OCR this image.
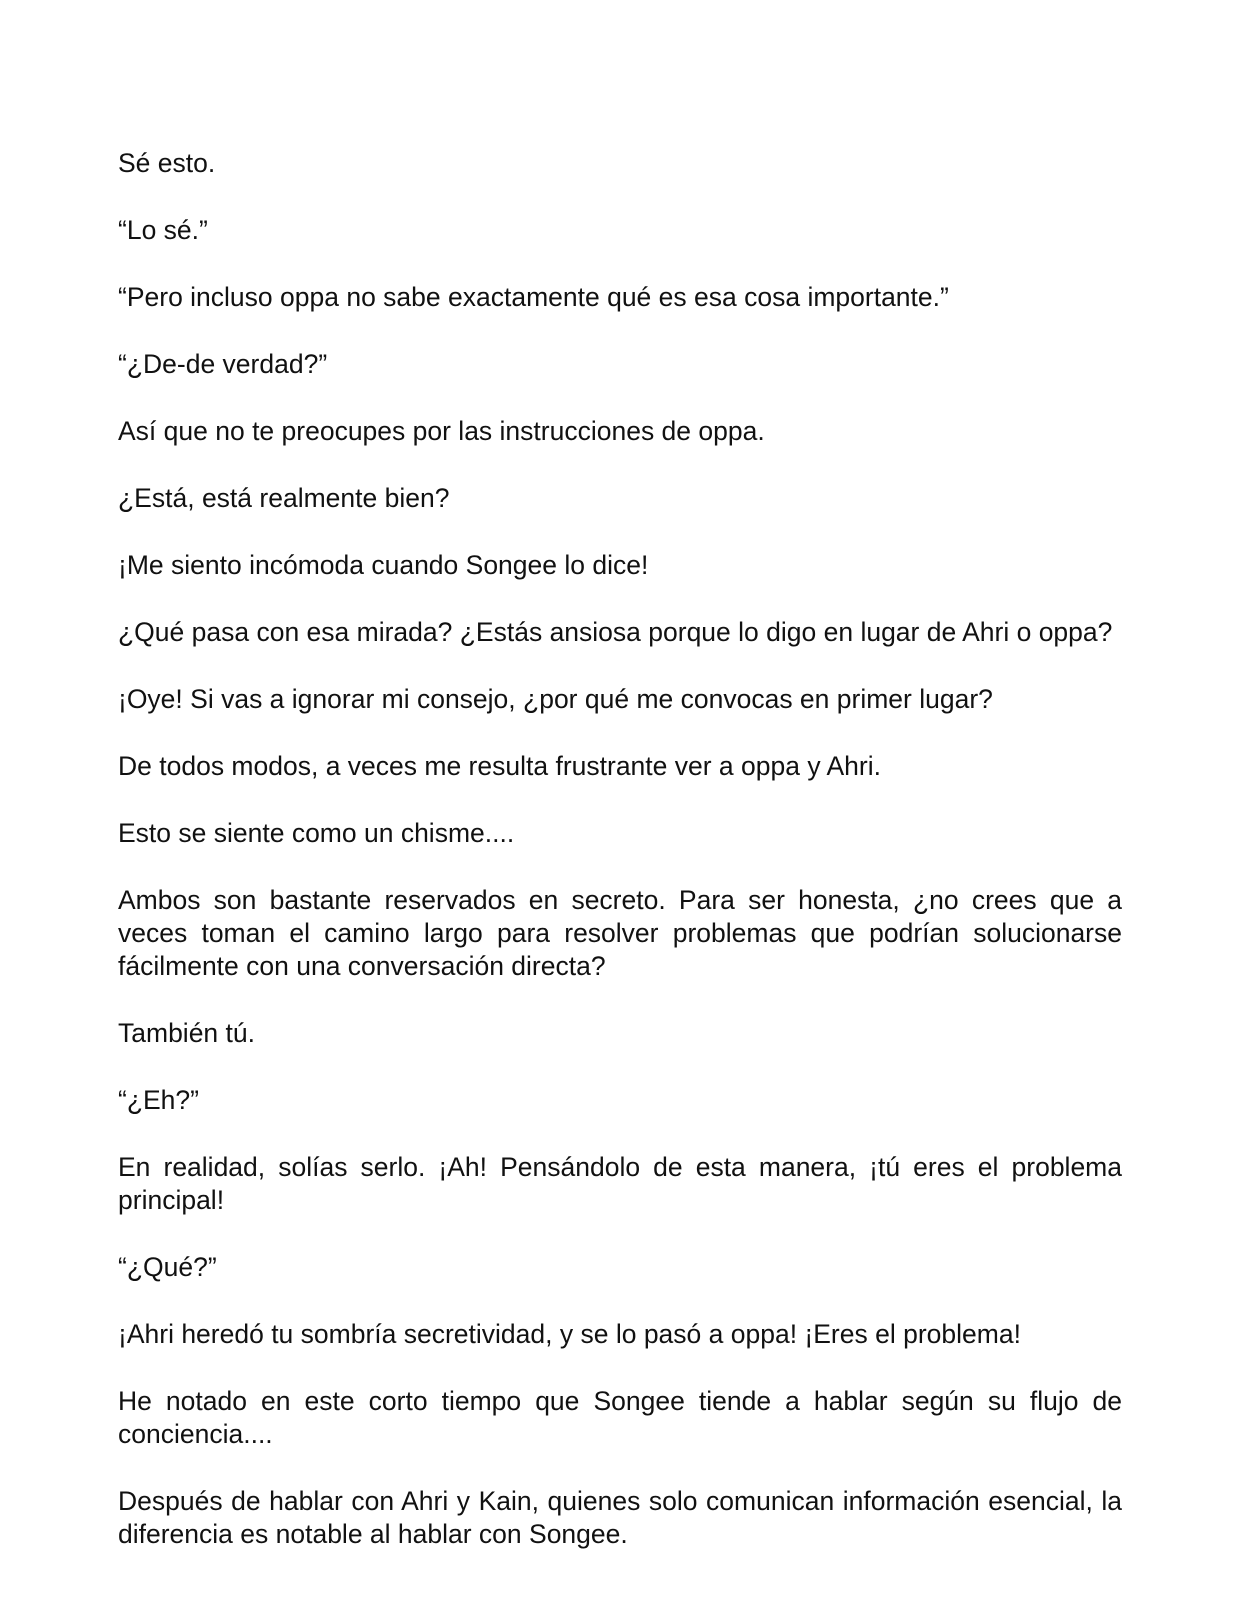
Sé esto.

“Lo sé.”

“Pero incluso oppa no sabe exactamente qué es esa cosa importante.”

“¿De-de verdad?”

Así que no te preocupes por las instrucciones de oppa.

¿Está, está realmente bien?

¡Me siento incómoda cuando Songee lo dice!

¿Qué pasa con esa mirada? ¿Estás ansiosa porque lo digo en lugar de Ahri o oppa?

¡Oye! Si vas a ignorar mi consejo, ¿por qué me convocas en primer lugar?

De todos modos, a veces me resulta frustrante ver a oppa y Ahri.

Esto se siente como un chisme....

Ambos son bastante reservados en secreto. Para ser honesta, ¿no crees que a veces toman el camino largo para resolver problemas que podrían solucionarse fácilmente con una conversación directa?

También tú.

“¿Eh?”

En realidad, solías serlo. ¡Ah! Pensándolo de esta manera, ¡tú eres el problema principal!

“¿Qué?”

¡Ahri heredó tu sombría secretividad, y se lo pasó a oppa! ¡Eres el problema!

He notado en este corto tiempo que Songee tiende a hablar según su flujo de conciencia....

Después de hablar con Ahri y Kain, quienes solo comunican información esencial, la diferencia es notable al hablar con Songee.
